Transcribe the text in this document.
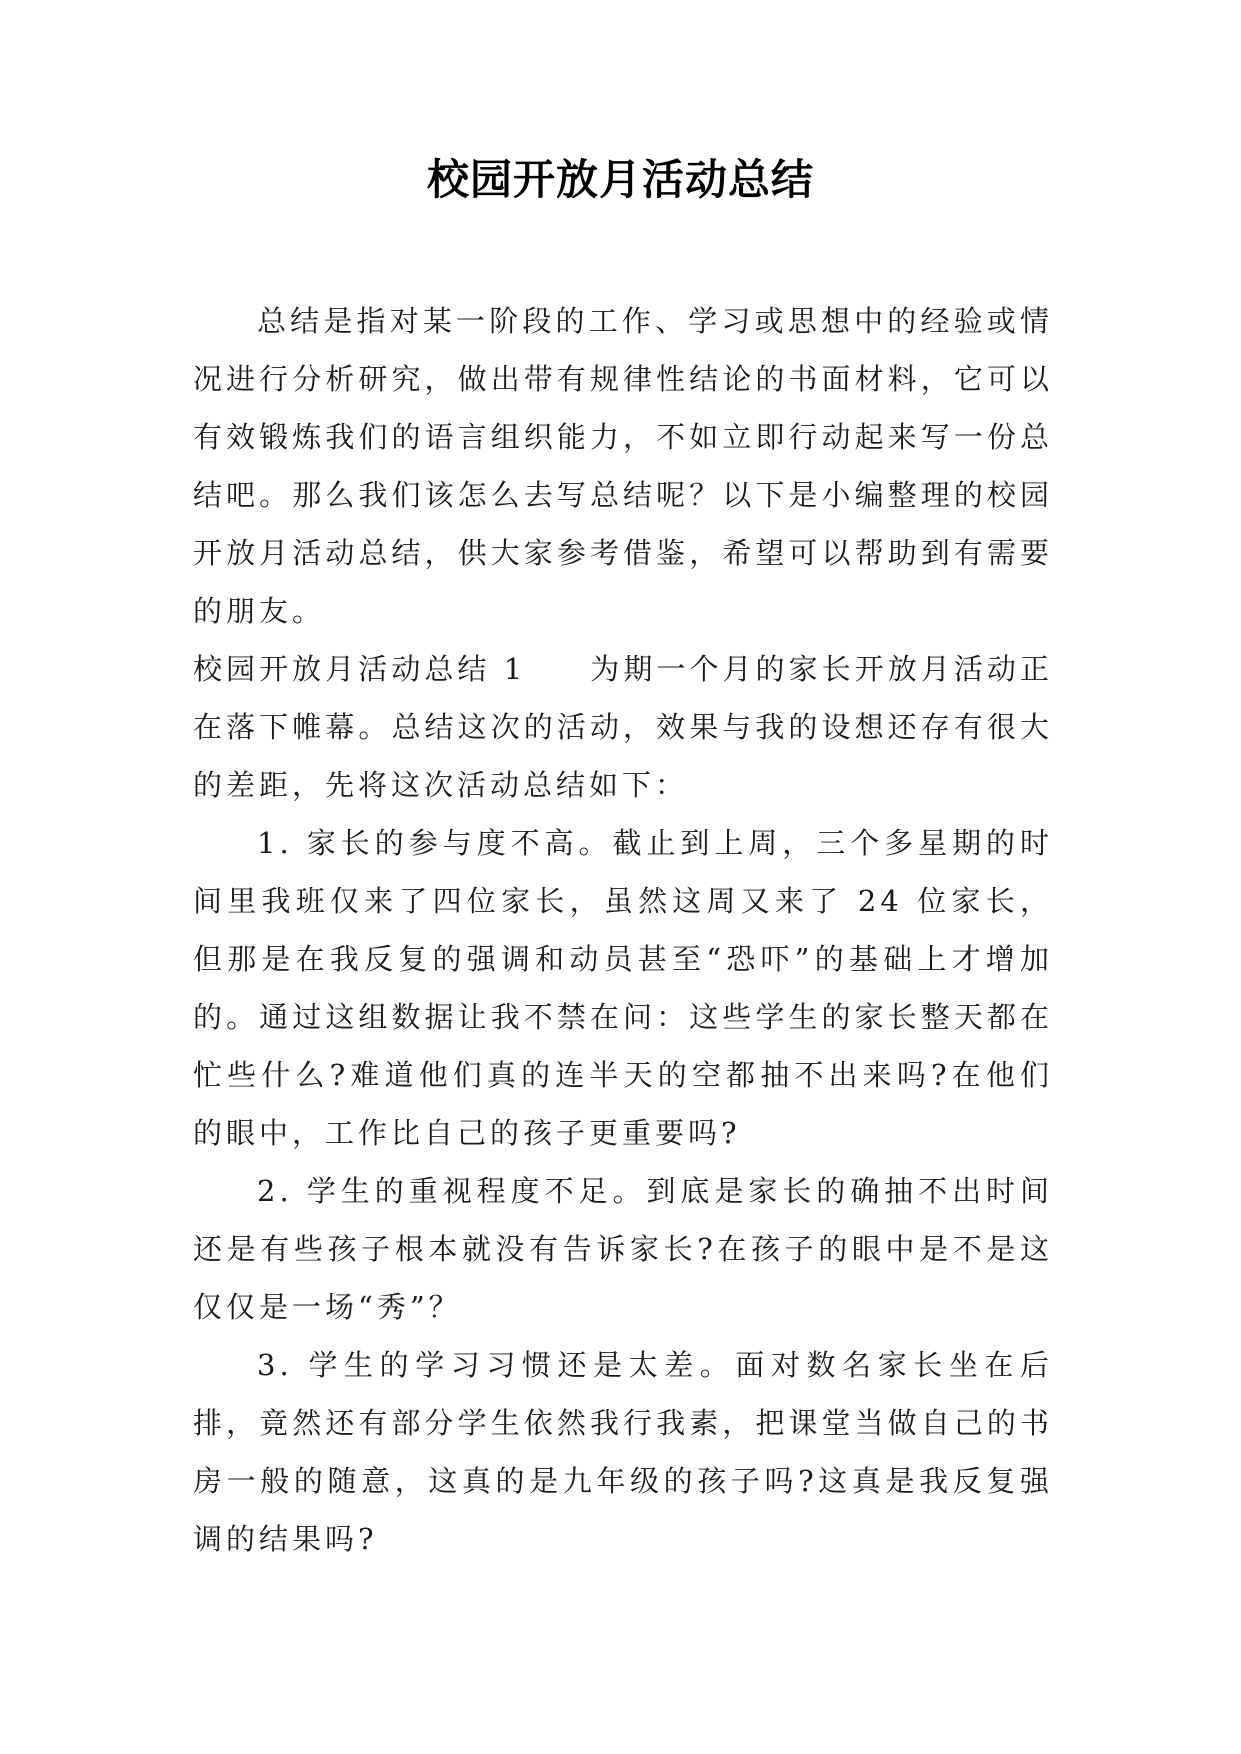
校园开放月活动总结

总结是指对某一阶段的工作、学习或思想中的经验或情况进行分析研究，做出带有规律性结论的书面材料，它可以有效锻炼我们的语言组织能力，不如立即行动起来写一份总结吧。那么我们该怎么去写总结呢？以下是小编整理的校园开放月活动总结，供大家参考借鉴，希望可以帮助到有需要的朋友。

校园开放月活动总结 1 为期一个月的家长开放月活动正在落下帷幕。总结这次的活动，效果与我的设想还存有很大的差距，先将这次活动总结如下：

1. 家长的参与度不高。截止到上周，三个多星期的时间里我班仅来了四位家长，虽然这周又来了 24 位家长，但那是在我反复的强调和动员甚至“恐吓”的基础上才增加的。通过这组数据让我不禁在问：这些学生的家长整天都在忙些什么?难道他们真的连半天的空都抽不出来吗?在他们的眼中，工作比自己的孩子更重要吗?

2. 学生的重视程度不足。到底是家长的确抽不出时间还是有些孩子根本就没有告诉家长?在孩子的眼中是不是这仅仅是一场“秀”？

3. 学生的学习习惯还是太差。面对数名家长坐在后排，竟然还有部分学生依然我行我素，把课堂当做自己的书房一般的随意，这真的是九年级的孩子吗?这真是我反复强调的结果吗?
